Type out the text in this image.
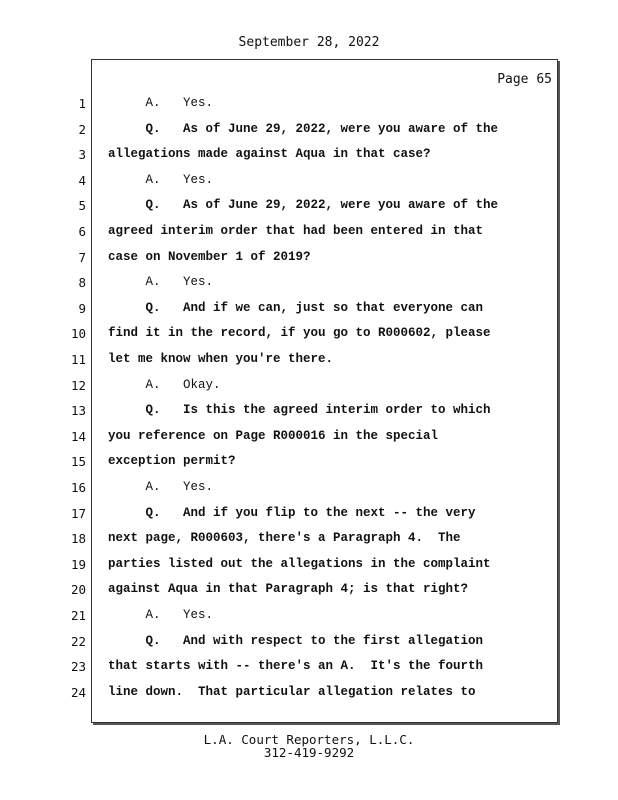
September 28, 2022
Page 65
1 A.   Yes.
2 Q.   As of June 29, 2022, were you aware of the
3 allegations made against Aqua in that case?
4 A.   Yes.
5 Q.   As of June 29, 2022, were you aware of the
6 agreed interim order that had been entered in that
7 case on November 1 of 2019?
8 A.   Yes.
9 Q.   And if we can, just so that everyone can
10 find it in the record, if you go to R000602, please
11 let me know when you're there.
12 A.   Okay.
13 Q.   Is this the agreed interim order to which
14 you reference on Page R000016 in the special
15 exception permit?
16 A.   Yes.
17 Q.   And if you flip to the next -- the very
18 next page, R000603, there's a Paragraph 4.  The
19 parties listed out the allegations in the complaint
20 against Aqua in that Paragraph 4; is that right?
21 A.   Yes.
22 Q.   And with respect to the first allegation
23 that starts with -- there's an A.  It's the fourth
24 line down.  That particular allegation relates to
L.A. Court Reporters, L.L.C.
312-419-9292
